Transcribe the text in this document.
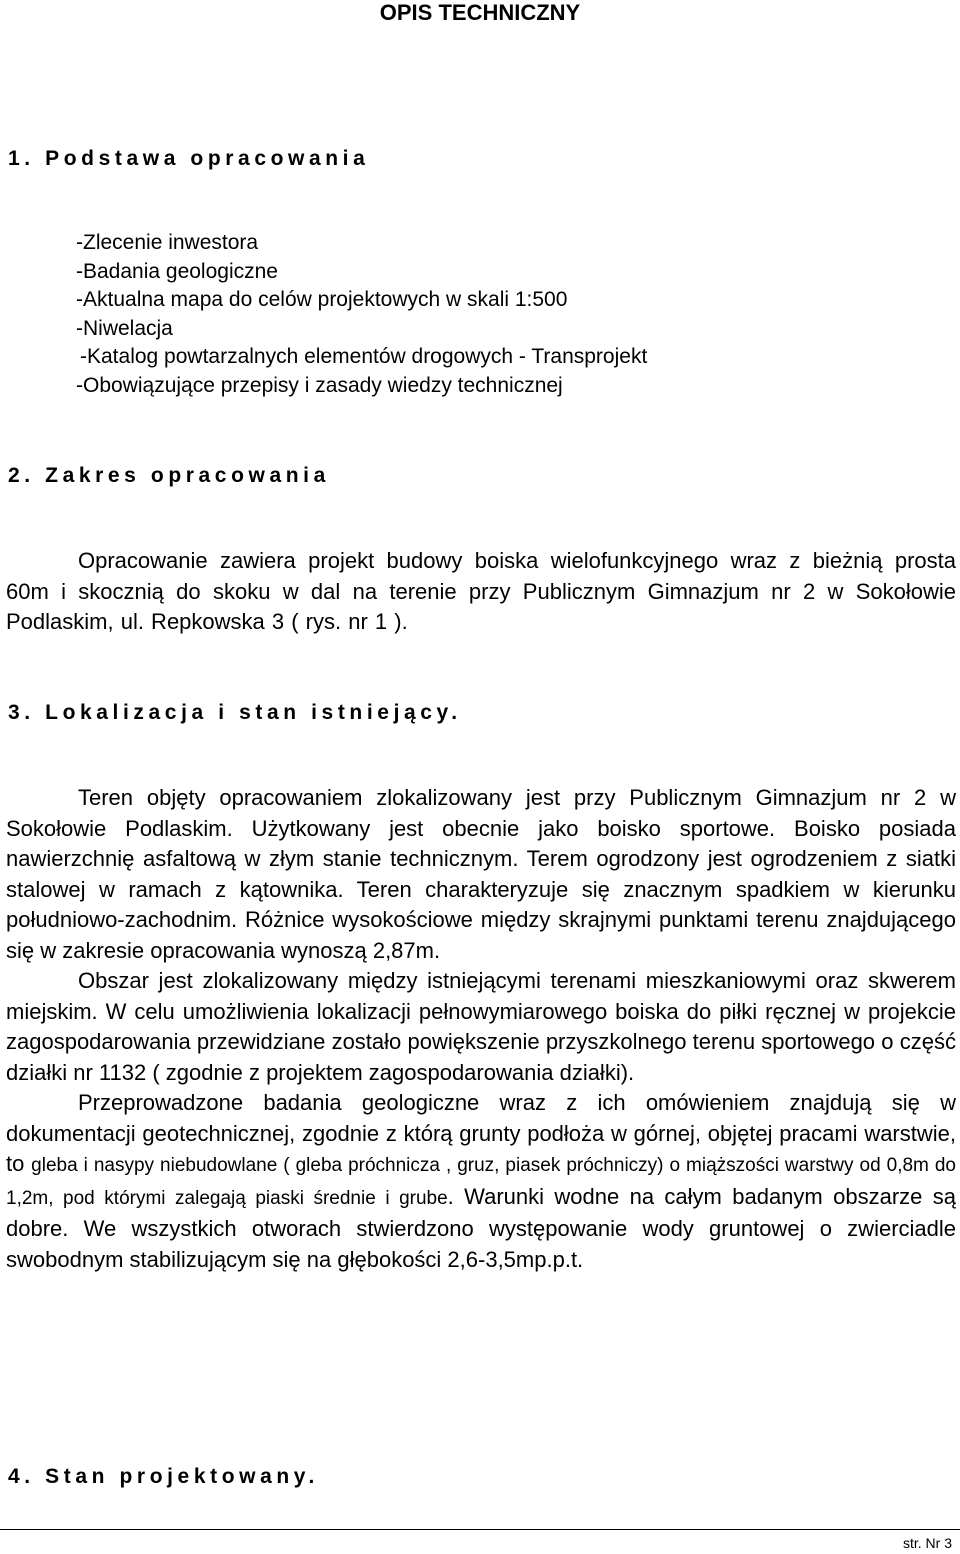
OPIS TECHNICZNY
1. Podstawa opracowania
-Zlecenie inwestora
-Badania geologiczne
-Aktualna mapa do celów projektowych w skali 1:500
-Niwelacja
-Katalog powtarzalnych elementów drogowych - Transprojekt
-Obowiązujące przepisy i zasady wiedzy technicznej
2. Zakres opracowania

Opracowanie zawiera projekt budowy boiska wielofunkcyjnego wraz z bieżnią prosta 60m i skocznią do skoku w dal na terenie przy Publicznym Gimnazjum nr 2 w Sokołowie Podlaskim, ul. Repkowska 3 ( rys. nr 1 ).

3. Lokalizacja i stan istniejący.

Teren objęty opracowaniem zlokalizowany jest przy Publicznym Gimnazjum nr 2 w Sokołowie Podlaskim. Użytkowany jest obecnie jako boisko sportowe. Boisko posiada nawierzchnię asfaltową w złym stanie technicznym. Terem ogrodzony jest ogrodzeniem z siatki stalowej w ramach z kątownika. Teren charakteryzuje się znacznym spadkiem w kierunku południowo-zachodnim. Różnice wysokościowe między skrajnymi punktami terenu znajdującego się w zakresie opracowania wynoszą 2,87m.

Obszar jest zlokalizowany między istniejącymi terenami mieszkaniowymi oraz skwerem miejskim. W celu umożliwienia lokalizacji pełnowymiarowego boiska do piłki ręcznej w projekcie zagospodarowania przewidziane zostało powiększenie przyszkolnego terenu sportowego o część działki nr 1132 ( zgodnie z projektem zagospodarowania działki).

Przeprowadzone badania geologiczne wraz z ich omówieniem znajdują się w dokumentacji geotechnicznej, zgodnie z którą grunty podłoża w górnej, objętej pracami warstwie, to gleba i nasypy niebudowlane ( gleba próchnicza , gruz, piasek próchniczy) o miąższości warstwy od 0,8m do 1,2m, pod którymi zalegają piaski średnie i grube. Warunki wodne na całym badanym obszarze są dobre. We wszystkich otworach stwierdzono występowanie wody gruntowej o zwierciadle swobodnym stabilizującym się na głębokości 2,6-3,5mp.p.t.

4. Stan projektowany.
str. Nr 3
